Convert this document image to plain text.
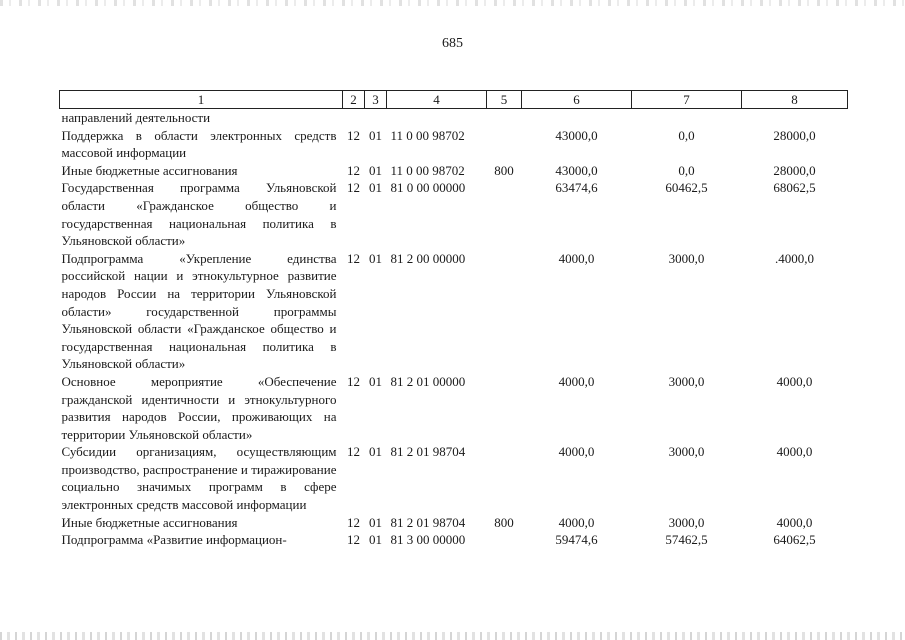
685
1	2	3	4	5	6	7	8
направлений деятельности							
Поддержка в области электронных средств массовой информации	12	01	11 0 00 98702		43000,0	0,0	28000,0
Иные бюджетные ассигнования	12	01	11 0 00 98702	800	43000,0	0,0	28000,0
Государственная программа Ульяновской области «Гражданское общество и государственная национальная политика в Ульяновской области»	12	01	81 0 00 00000		63474,6	60462,5	68062,5
Подпрограмма «Укрепление единства российской нации и этнокультурное развитие народов России на территории Ульяновской области» государственной программы Ульяновской области «Гражданское общество и государственная национальная политика в Ульяновской области»	12	01	81 2 00 00000		4000,0	3000,0	.4000,0
Основное мероприятие «Обеспечение гражданской идентичности и этнокультурного развития народов России, проживающих на территории Ульяновской области»	12	01	81 2 01 00000		4000,0	3000,0	4000,0
Субсидии организациям, осуществляющим производство, распространение и тиражирование социально значимых программ в сфере электронных средств массовой информации	12	01	81 2 01 98704		4000,0	3000,0	4000,0
Иные бюджетные ассигнования	12	01	81 2 01 98704	800	4000,0	3000,0	4000,0
Подпрограмма «Развитие информацион-	12	01	81 3 00 00000		59474,6	57462,5	64062,5
